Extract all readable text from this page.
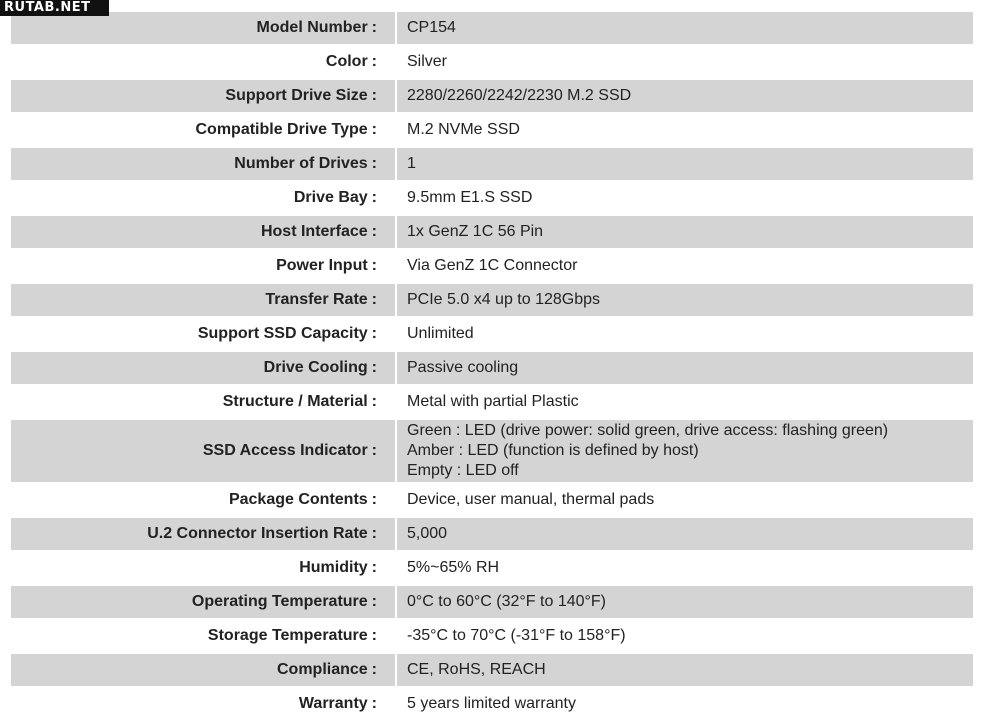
RUTAB.NET
Model Number :	CP154
Color :	Silver
Support Drive Size :	2280/2260/2242/2230 M.2 SSD
Compatible Drive Type :	M.2 NVMe SSD
Number of Drives :	1
Drive Bay :	9.5mm E1.S SSD
Host Interface :	1x GenZ 1C 56 Pin
Power Input :	Via GenZ 1C Connector
Transfer Rate :	PCIe 5.0 x4 up to 128Gbps
Support SSD Capacity :	Unlimited
Drive Cooling :	Passive cooling
Structure / Material :	Metal with partial Plastic
SSD Access Indicator :
Green : LED (drive power: solid green, drive access: flashing green)
Amber : LED (function is defined by host)
Empty : LED off
Package Contents :	Device, user manual, thermal pads
U.2 Connector Insertion Rate :	5,000
Humidity :	5%~65% RH
Operating Temperature :	0°C to 60°C (32°F to 140°F)
Storage Temperature :	-35°C to 70°C (-31°F to 158°F)
Compliance :	CE, RoHS, REACH
Warranty :	5 years limited warranty
